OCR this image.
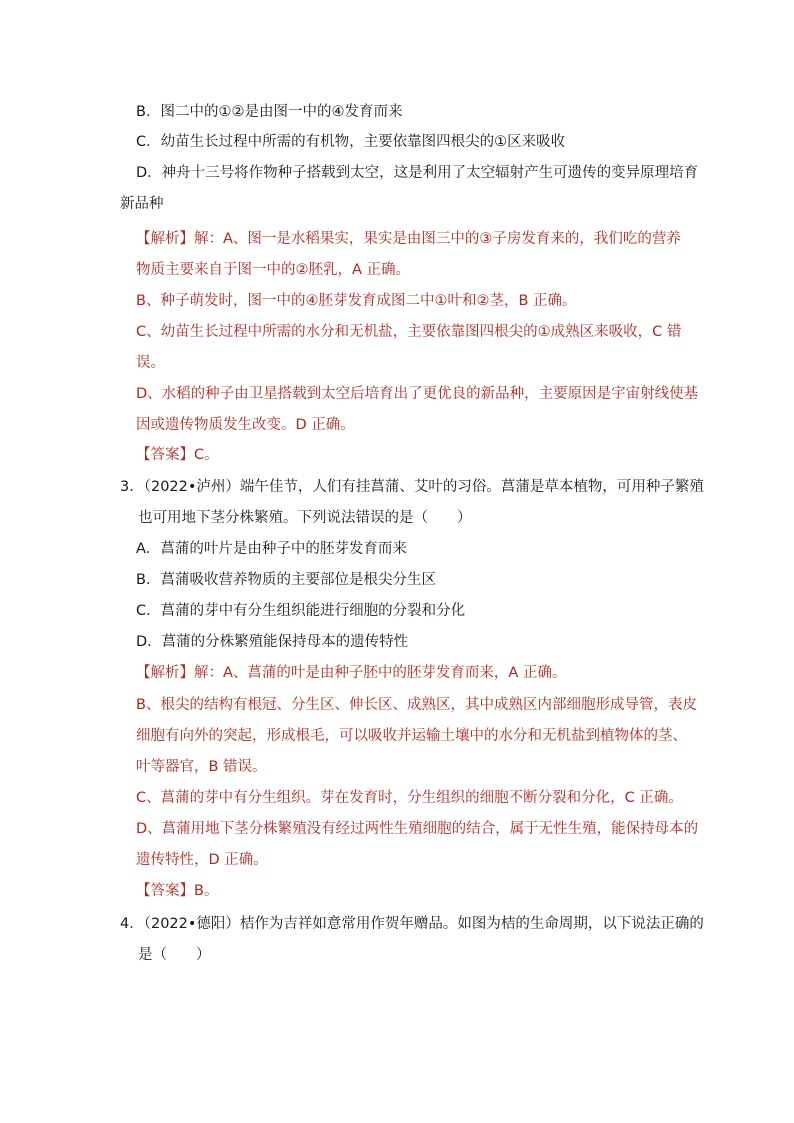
B．图二中的①②是由图一中的④发育而来
C．幼苗生长过程中所需的有机物，主要依靠图四根尖的①区来吸收
D．神舟十三号将作物种子搭载到太空，这是利用了太空辐射产生可遗传的变异原理培育
新品种
【解析】解：A、图一是水稻果实，果实是由图三中的③子房发育来的，我们吃的营养
物质主要来自于图一中的②胚乳，A 正确。
B、种子萌发时，图一中的④胚芽发育成图二中①叶和②茎，B 正确。
C、幼苗生长过程中所需的水分和无机盐，主要依靠图四根尖的①成熟区来吸收，C 错
误。
D、水稻的种子由卫星搭载到太空后培育出了更优良的新品种，主要原因是宇宙射线使基
因或遗传物质发生改变。D 正确。
【答案】C。
3．（2022•泸州）端午佳节，人们有挂菖蒲、艾叶的习俗。菖蒲是草本植物，可用种子繁殖
也可用地下茎分株繁殖。下列说法错误的是（　　）
A．菖蒲的叶片是由种子中的胚芽发育而来
B．菖蒲吸收营养物质的主要部位是根尖分生区
C．菖蒲的芽中有分生组织能进行细胞的分裂和分化
D．菖蒲的分株繁殖能保持母本的遗传特性
【解析】解：A、菖蒲的叶是由种子胚中的胚芽发育而来，A 正确。
B、根尖的结构有根冠、分生区、伸长区、成熟区，其中成熟区内部细胞形成导管，表皮
细胞有向外的突起，形成根毛，可以吸收并运输土壤中的水分和无机盐到植物体的茎、
叶等器官，B 错误。
C、菖蒲的芽中有分生组织。芽在发育时，分生组织的细胞不断分裂和分化，C 正确。
D、菖蒲用地下茎分株繁殖没有经过两性生殖细胞的结合，属于无性生殖，能保持母本的
遗传特性，D 正确。
【答案】B。
4．（2022•德阳）桔作为吉祥如意常用作贺年赠品。如图为桔的生命周期，以下说法正确的
是（　　）
